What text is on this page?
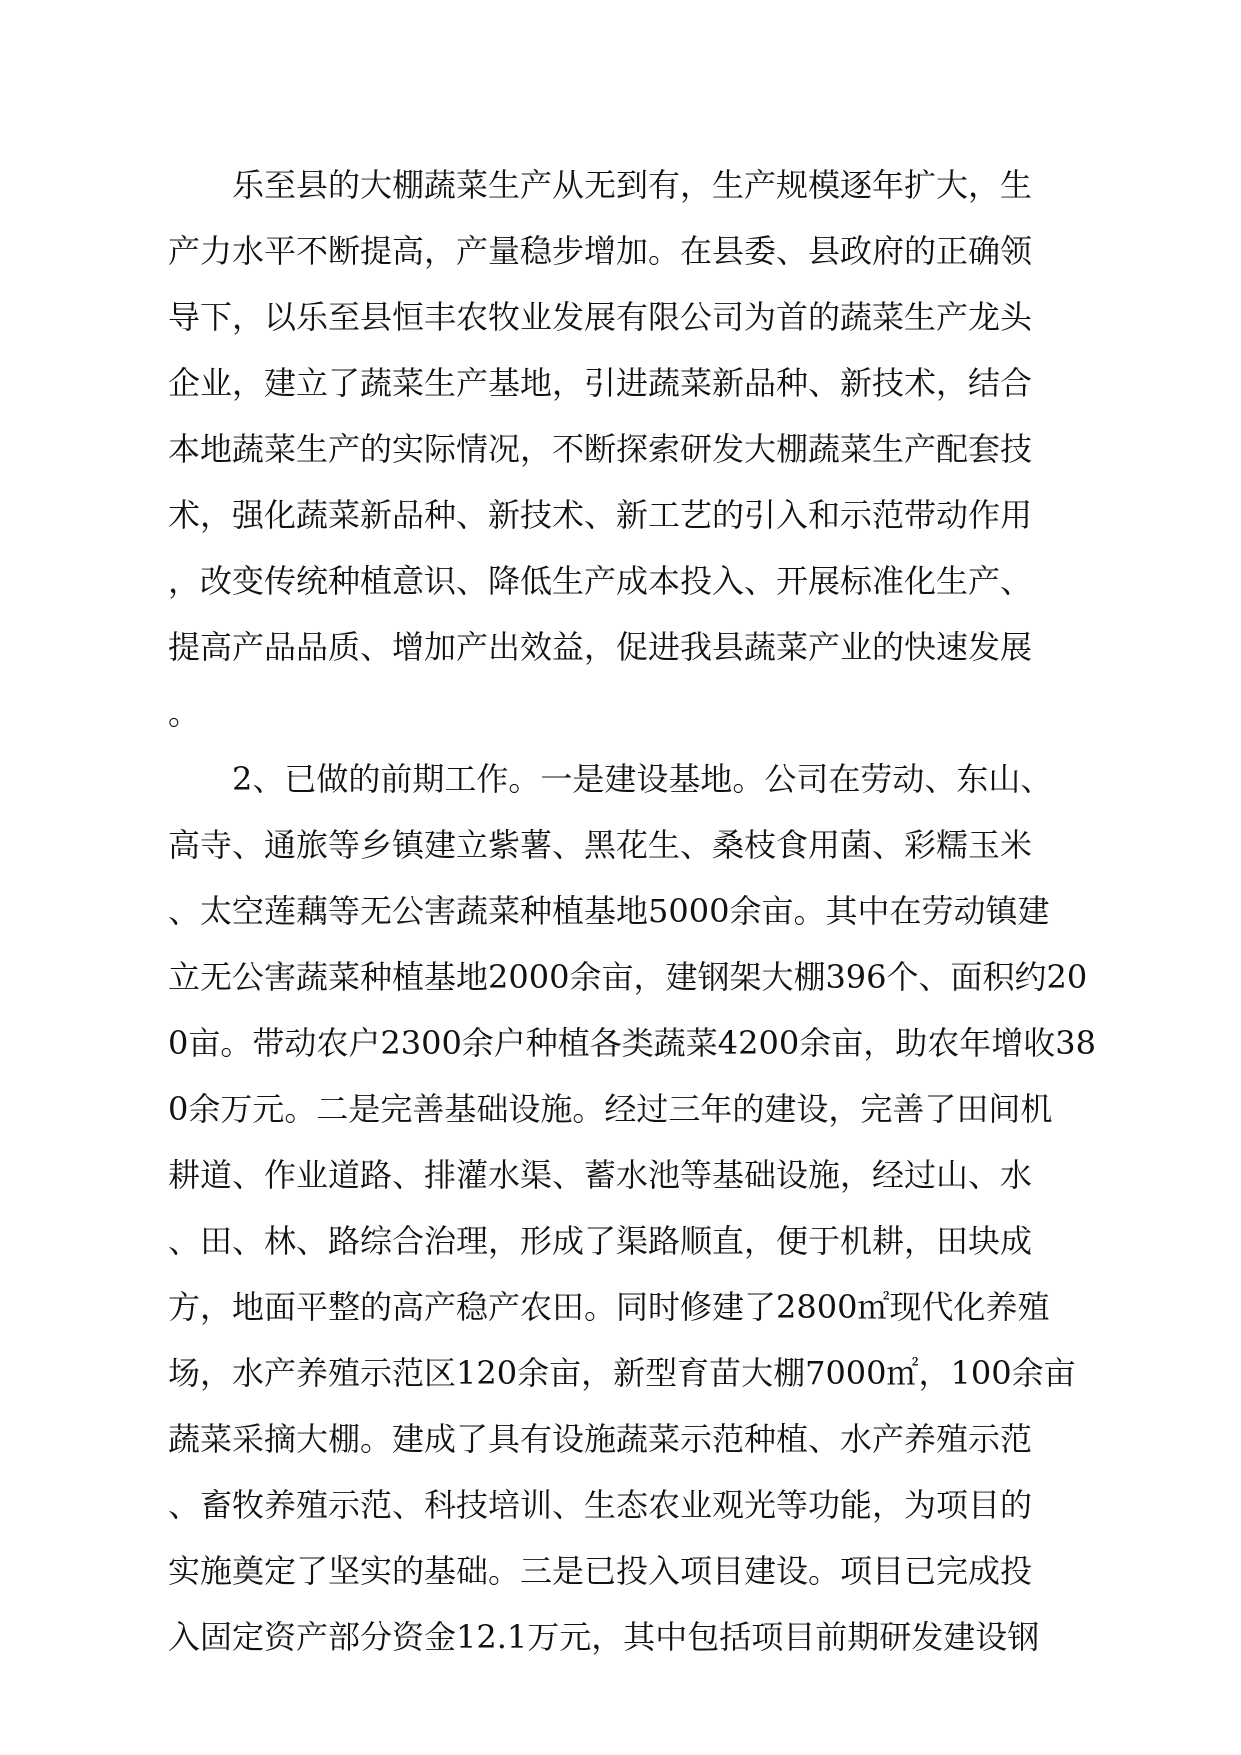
乐至县的大棚蔬菜生产从无到有，生产规模逐年扩大，生
产力水平不断提高，产量稳步增加。在县委、县政府的正确领
导下，以乐至县恒丰农牧业发展有限公司为首的蔬菜生产龙头
企业，建立了蔬菜生产基地，引进蔬菜新品种、新技术，结合
本地蔬菜生产的实际情况，不断探索研发大棚蔬菜生产配套技
术，强化蔬菜新品种、新技术、新工艺的引入和示范带动作用
，改变传统种植意识、降低生产成本投入、开展标准化生产、
提高产品品质、增加产出效益，促进我县蔬菜产业的快速发展
。
2、已做的前期工作。一是建设基地。公司在劳动、东山、
高寺、通旅等乡镇建立紫薯、黑花生、桑枝食用菌、彩糯玉米
、太空莲藕等无公害蔬菜种植基地5000余亩。其中在劳动镇建
立无公害蔬菜种植基地2000余亩，建钢架大棚396个、面积约20
0亩。带动农户2300余户种植各类蔬菜4200余亩，助农年增收38
0余万元。二是完善基础设施。经过三年的建设，完善了田间机
耕道、作业道路、排灌水渠、蓄水池等基础设施，经过山、水
、田、林、路综合治理，形成了渠路顺直，便于机耕，田块成
方，地面平整的高产稳产农田。同时修建了2800㎡现代化养殖
场，水产养殖示范区120余亩，新型育苗大棚7000㎡，100余亩
蔬菜采摘大棚。建成了具有设施蔬菜示范种植、水产养殖示范
、畜牧养殖示范、科技培训、生态农业观光等功能，为项目的
实施奠定了坚实的基础。三是已投入项目建设。项目已完成投
入固定资产部分资金12.1万元，其中包括项目前期研发建设钢
